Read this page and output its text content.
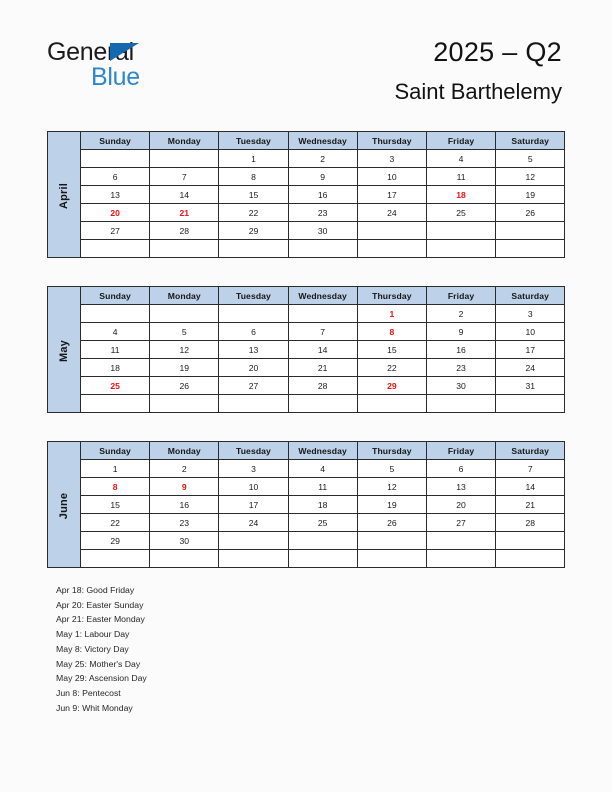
General
Blue
2025 – Q2
Saint Barthelemy
April	Sunday	Monday	Tuesday	Wednesday	Thursday	Friday	Saturday
			1	2	3	4	5
	6	7	8	9	10	11	12
	13	14	15	16	17	18	19
	20	21	22	23	24	25	26
	27	28	29	30			

May	Sunday	Monday	Tuesday	Wednesday	Thursday	Friday	Saturday
					1	2	3
	4	5	6	7	8	9	10
	11	12	13	14	15	16	17
	18	19	20	21	22	23	24
	25	26	27	28	29	30	31

June	Sunday	Monday	Tuesday	Wednesday	Thursday	Friday	Saturday
	1	2	3	4	5	6	7
	8	9	10	11	12	13	14
	15	16	17	18	19	20	21
	22	23	24	25	26	27	28
	29	30					

Apr 18: Good Friday
Apr 20: Easter Sunday
Apr 21: Easter Monday
May 1: Labour Day
May 8: Victory Day
May 25: Mother's Day
May 29: Ascension Day
Jun 8: Pentecost
Jun 9: Whit Monday
